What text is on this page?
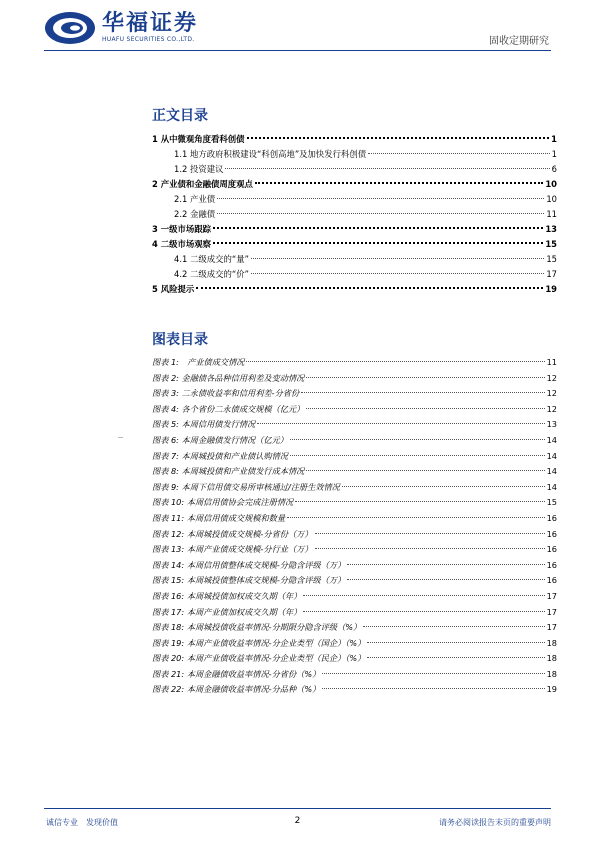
华福证券
HUAFU SECURITIES CO.,LTD.	固收定期研究
正文目录
1 从中微观角度看科创债	1
1.1 地方政府积极建设“科创高地”及加快发行科创债	1
1.2 投资建议	6
2 产业债和金融债周度观点	10
2.1 产业债	10
2.2 金融债	11
3 一级市场跟踪	13
4 二级市场观察	15
4.1 二级成交的“量”	15
4.2 二级成交的“价”	17
5 风险提示	19
图表目录
图表 1:　产业债成交情况	11
图表 2: 金融债各品种信用利差及变动情况	12
图表 3: 二永债收益率和信用利差-分省份	12
图表 4: 各个省份二永债成交规模（亿元）	12
图表 5: 本周信用债发行情况	13
图表 6: 本周金融债发行情况（亿元）	14
图表 7: 本周城投债和产业债认购情况	14
图表 8: 本周城投债和产业债发行成本情况	14
图表 9: 本周下信用债交易所审核通过/注册生效情况	14
图表 10: 本周信用债协会完成注册情况	15
图表 11: 本周信用债成交规模和数量	16
图表 12: 本周城投债成交规模-分省份（万）	16
图表 13: 本周产业债成交规模-分行业（万）	16
图表 14: 本周信用债整体成交规模-分隐含评级（万）	16
图表 15: 本周城投债整体成交规模-分隐含评级（万）	16
图表 16: 本周城投债加权成交久期（年）	17
图表 17: 本周产业债加权成交久期（年）	17
图表 18: 本周城投债收益率情况-分期限分隐含评级（%）	17
图表 19: 本周产业债收益率情况-分企业类型（国企）（%）	18
图表 20: 本周产业债收益率情况-分企业类型（民企）（%）	18
图表 21: 本周金融债收益率情况-分省份（%）	18
图表 22: 本周金融债收益率情况-分品种（%）	19
诚信专业　发现价值	2	请务必阅读报告末页的重要声明
